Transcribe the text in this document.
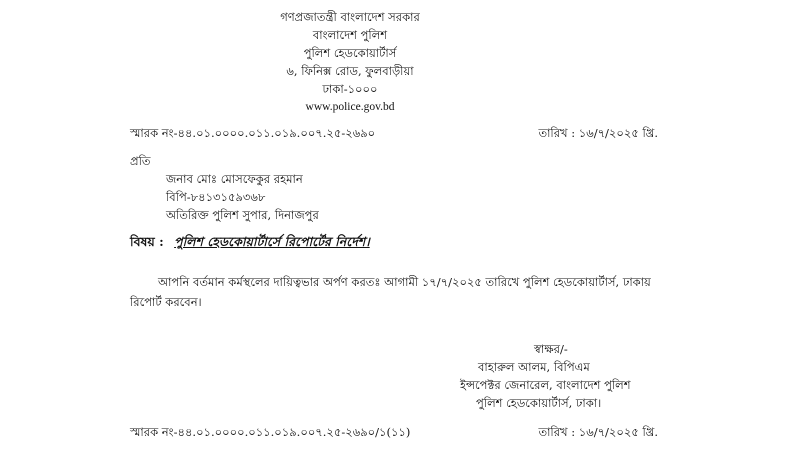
গণপ্রজাতন্ত্রী বাংলাদেশ সরকার
বাংলাদেশ পুলিশ
পুলিশ হেডকোয়ার্টার্স
৬, ফিনিক্স রোড, ফুলবাড়ীয়া
ঢাকা-১০০০
www.police.gov.bd
স্মারক নং-৪৪.০১.০০০০.০১১.০১৯.০০৭.২৫-২৬৯০	তারিখ : ১৬/৭/২০২৫ খ্রি.
প্রতি
জনাব মোঃ মোসফেকুর রহমান
বিপি-৮৪১৩১৫৯৩৬৮
অতিরিক্ত পুলিশ সুপার, দিনাজপুর
বিষয় : পুলিশ হেডকোয়ার্টার্সে রিপোর্টের নির্দেশ।
আপনি বর্তমান কর্মস্থলের দায়িত্বভার অর্পণ করতঃ আগামী ১৭/৭/২০২৫ তারিখে পুলিশ হেডকোয়ার্টার্স, ঢাকায় রিপোর্ট করবেন।
স্বাক্ষর/-
বাহারুল আলম, বিপিএম
ইন্সপেক্টর জেনারেল, বাংলাদেশ পুলিশ
পুলিশ হেডকোয়ার্টার্স, ঢাকা।
স্মারক নং-৪৪.০১.০০০০.০১১.০১৯.০০৭.২৫-২৬৯০/১(১১)	তারিখ : ১৬/৭/২০২৫ খ্রি.
